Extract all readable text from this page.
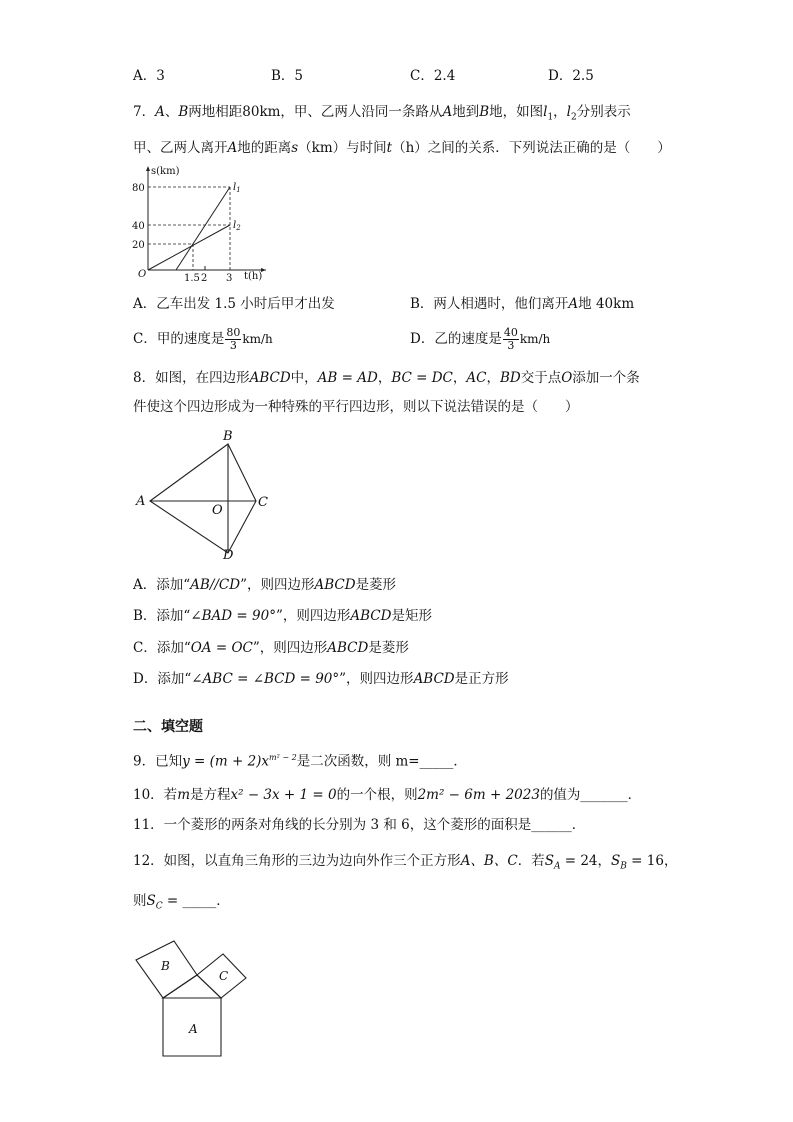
A．3	B．5	C．2.4	D．2.5
7．A、B两地相距80km，甲、乙两人沿同一条路从A地到B地，如图$l_1$，$l_2$分别表示
甲、乙两人离开A地的距离s（km）与时间t（h）之间的关系．下列说法正确的是（　　）
s(km)
80
40
20
O	1.5 2 3 t(h)
$l_1$
$l_2$
A．乙车出发 1.5 小时后甲才出发	B．两人相遇时，他们离开A地 40km
C．甲的速度是 $\frac{80}{3} km/h$	D．乙的速度是 $\frac{40}{3} km/h$
8．如图，在四边形ABCD中，AB = AD，BC = DC，AC，BD交于点O添加一个条
件使这个四边形成为一种特殊的平行四边形，则以下说法错误的是（　　）
A
B
C
D
O
A．添加“AB//CD”，则四边形ABCD是菱形
B．添加“∠BAD = 90°”，则四边形ABCD是矩形
C．添加“OA = OC”，则四边形ABCD是菱形
D．添加“∠ABC = ∠BCD = 90°”，则四边形ABCD是正方形
二、填空题
9．已知$y = (m + 2)x^{m^2 - 2}$是二次函数，则 m=_____．
10．若m是方程x² − 3x + 1 = 0的一个根，则2m² − 6m + 2023的值为_______．
11．一个菱形的两条对角线的长分别为 3 和 6，这个菱形的面积是______．
12．如图，以直角三角形的三边为边向外作三个正方形A、B、C．若$S_A = 24$，$S_B = 16$，
则$S_C$ = _____．
A
B
C
